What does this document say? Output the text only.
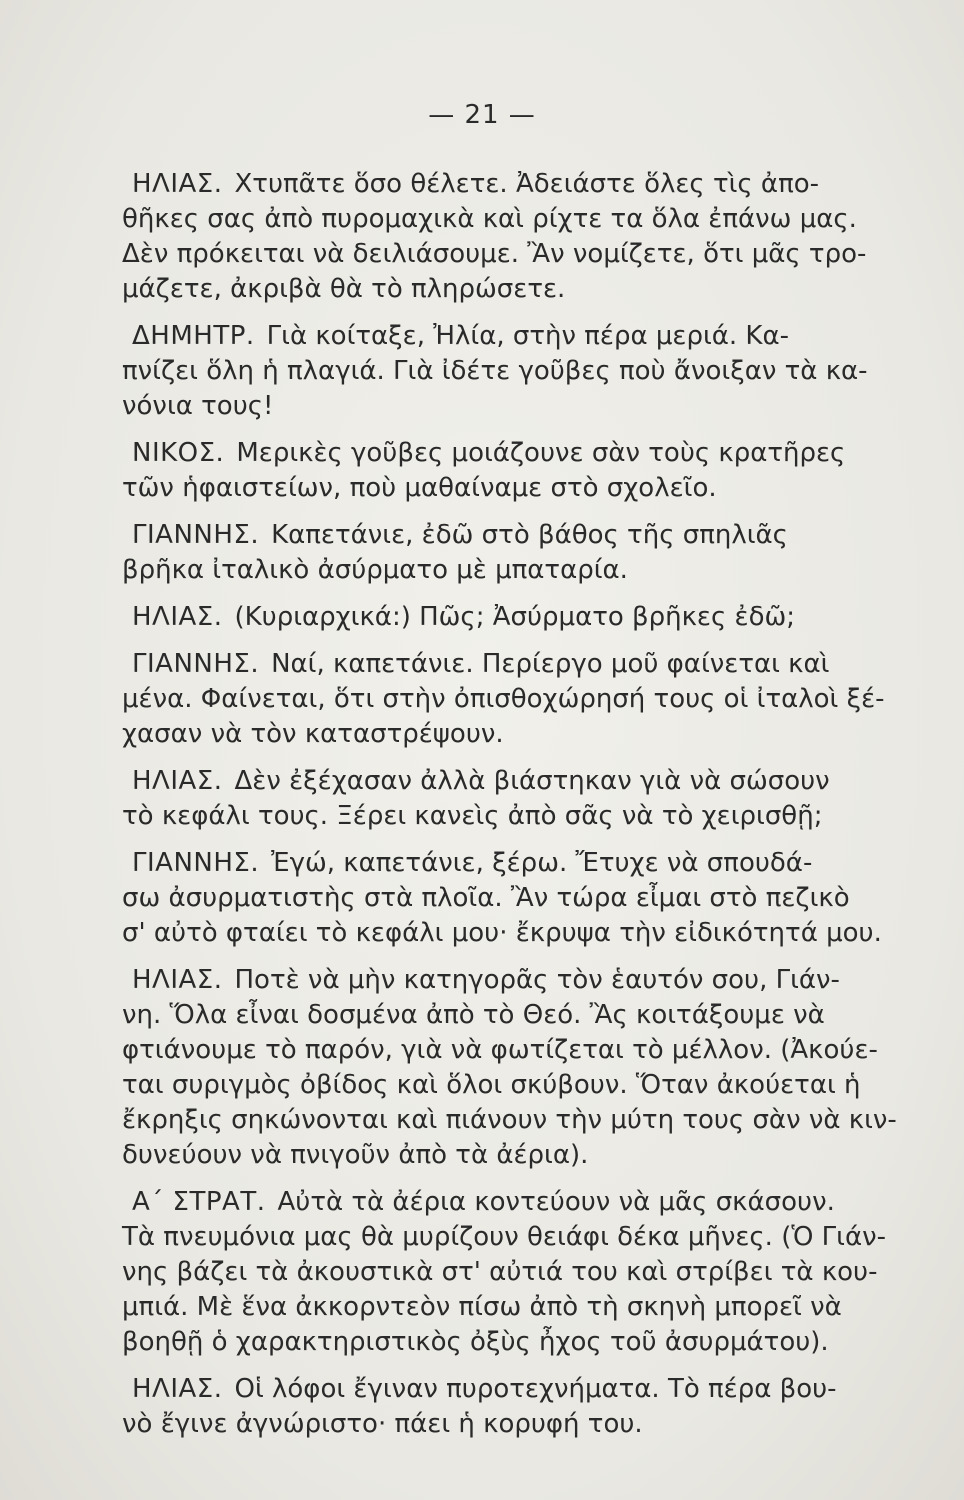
— 21 —
ΗΛΙΑΣ. Χτυπᾶτε ὅσο θέλετε. Ἀδειάστε ὅλες τὶς ἀπο-
θῆκες σας ἀπὸ πυρομαχικὰ καὶ ρίχτε τα ὅλα ἐπάνω μας.
Δὲν πρόκειται νὰ δειλιάσουμε. Ἂν νομίζετε, ὅτι μᾶς τρο-
μάζετε, ἀκριβὰ θὰ τὸ πληρώσετε.
ΔΗΜΗΤΡ. Γιὰ κοίταξε, Ἠλία, στὴν πέρα μεριά. Κα-
πνίζει ὅλη ἡ πλαγιά. Γιὰ ἰδέτε γοῦβες ποὺ ἄνοιξαν τὰ κα-
νόνια τους!
ΝΙΚΟΣ. Μερικὲς γοῦβες μοιάζουνε σὰν τοὺς κρατῆρες
τῶν ἡφαιστείων, ποὺ μαθαίναμε στὸ σχολεῖο.
ΓΙΑΝΝΗΣ. Καπετάνιε, ἐδῶ στὸ βάθος τῆς σπηλιᾶς
βρῆκα ἰταλικὸ ἀσύρματο μὲ μπαταρία.
ΗΛΙΑΣ. (Κυριαρχικά:) Πῶς; Ἀσύρματο βρῆκες ἐδῶ;
ΓΙΑΝΝΗΣ. Ναί, καπετάνιε. Περίεργο μοῦ φαίνεται καὶ
μένα. Φαίνεται, ὅτι στὴν ὀπισθοχώρησή τους οἱ ἰταλοὶ ξέ-
χασαν νὰ τὸν καταστρέψουν.
ΗΛΙΑΣ. Δὲν ἐξέχασαν ἀλλὰ βιάστηκαν γιὰ νὰ σώσουν
τὸ κεφάλι τους. Ξέρει κανεὶς ἀπὸ σᾶς νὰ τὸ χειρισθῇ;
ΓΙΑΝΝΗΣ. Ἐγώ, καπετάνιε, ξέρω. Ἔτυχε νὰ σπουδά-
σω ἀσυρματιστὴς στὰ πλοῖα. Ἂν τώρα εἶμαι στὸ πεζικὸ
σ' αὐτὸ φταίει τὸ κεφάλι μου· ἔκρυψα τὴν εἰδικότητά μου.
ΗΛΙΑΣ. Ποτὲ νὰ μὴν κατηγορᾶς τὸν ἑαυτόν σου, Γιάν-
νη. Ὅλα εἶναι δοσμένα ἀπὸ τὸ Θεό. Ἂς κοιτάξουμε νὰ
φτιάνουμε τὸ παρόν, γιὰ νὰ φωτίζεται τὸ μέλλον. (Ἀκούε-
ται συριγμὸς ὀβίδος καὶ ὅλοι σκύβουν. Ὅταν ἀκούεται ἡ
ἔκρηξις σηκώνονται καὶ πιάνουν τὴν μύτη τους σὰν νὰ κιν-
δυνεύουν νὰ πνιγοῦν ἀπὸ τὰ ἀέρια).
Α΄ ΣΤΡΑΤ. Αὐτὰ τὰ ἀέρια κοντεύουν νὰ μᾶς σκάσουν.
Τὰ πνευμόνια μας θὰ μυρίζουν θειάφι δέκα μῆνες. (Ὁ Γιάν-
νης βάζει τὰ ἀκουστικὰ στ' αὐτιά του καὶ στρίβει τὰ κου-
μπιά. Μὲ ἕνα ἀκκορντεὸν πίσω ἀπὸ τὴ σκηνὴ μπορεῖ νὰ
βοηθῇ ὁ χαρακτηριστικὸς ὀξὺς ἦχος τοῦ ἀσυρμάτου).
ΗΛΙΑΣ. Οἱ λόφοι ἔγιναν πυροτεχνήματα. Τὸ πέρα βου-
νὸ ἔγινε ἀγνώριστο· πάει ἡ κορυφή του.
